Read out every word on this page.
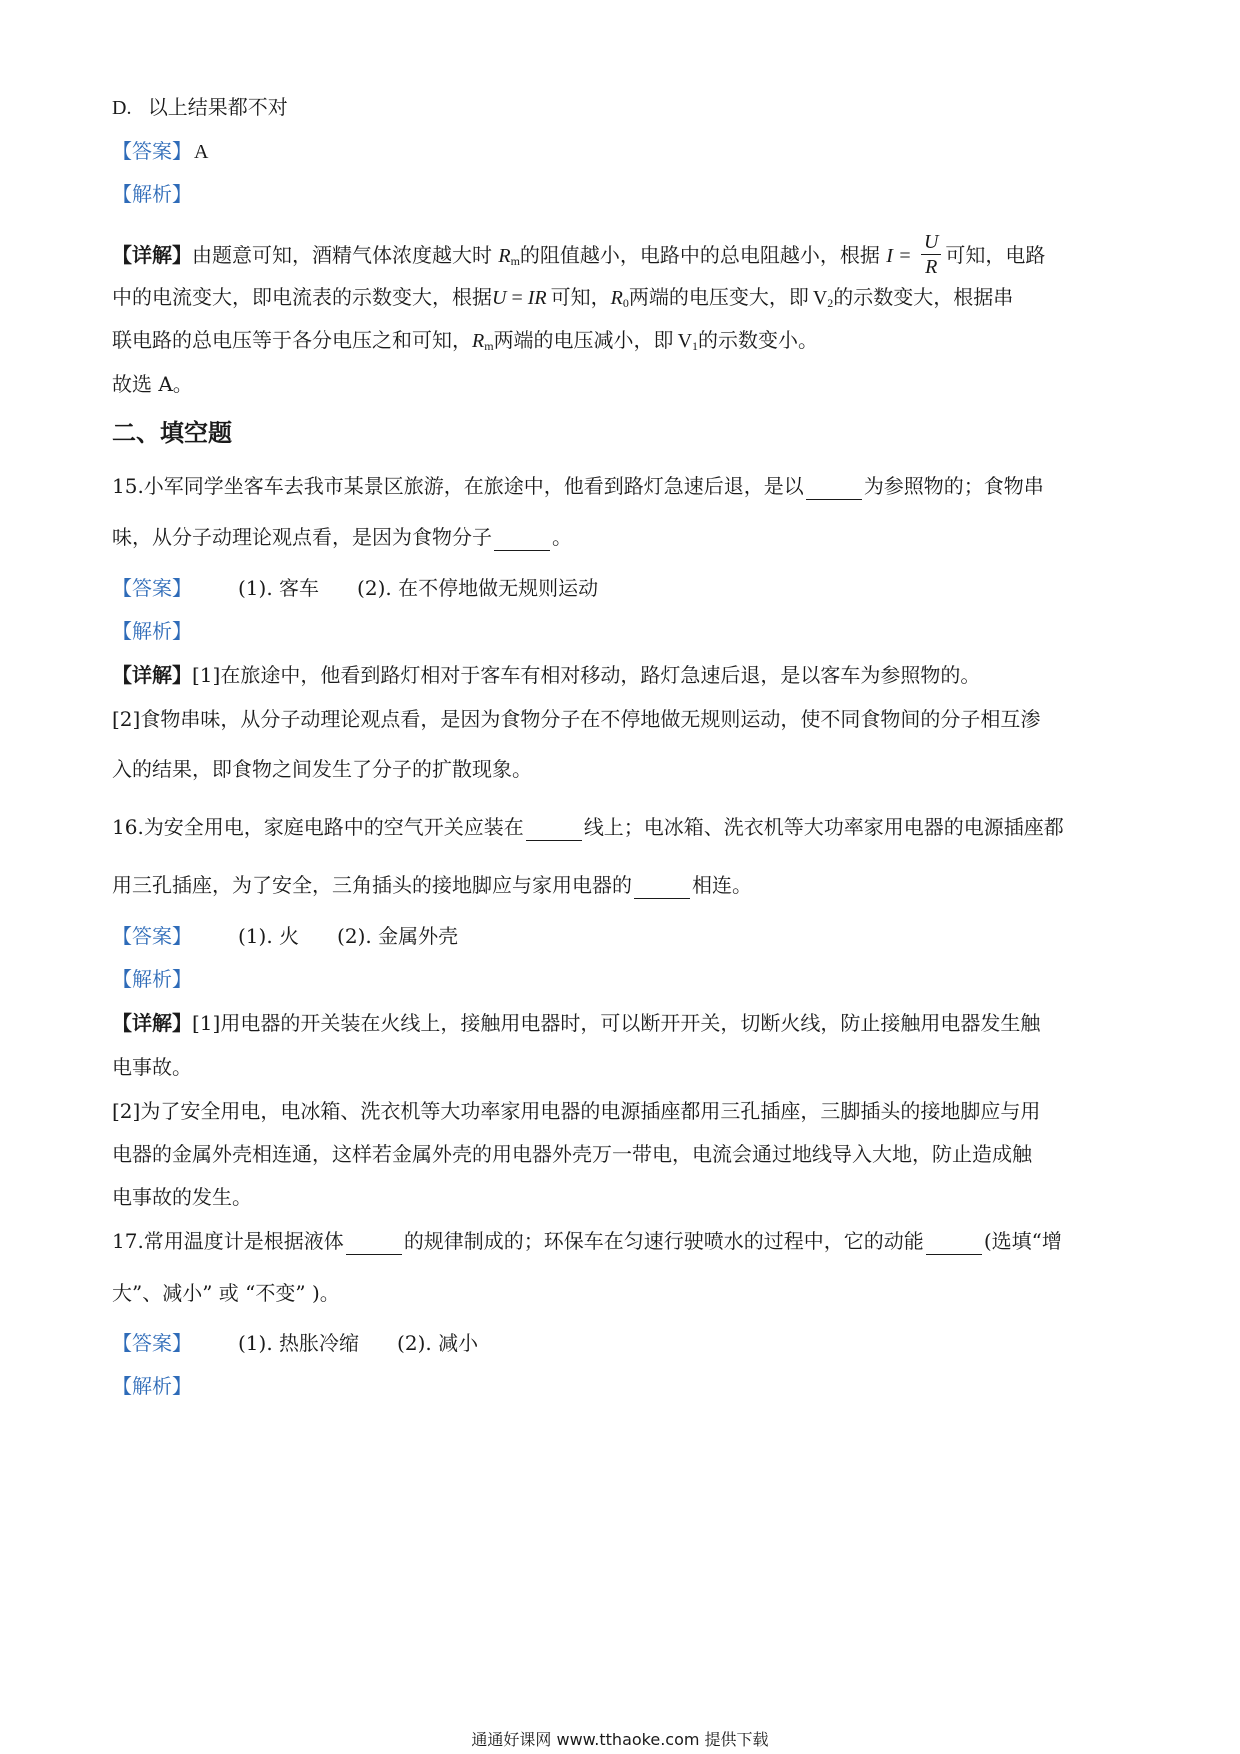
D. 以上结果都不对
【答案】 A
【解析】
【详解】由题意可知，酒精气体浓度越大时 $R_m$的阻值越小，电路中的总电阻越小，根据 $I = \frac{U}{R}$ 可知，电路
中的电流变大，即电流表的示数变大，根据U = IR 可知，$R_0$两端的电压变大，即 $V_2$的示数变大，根据串
联电路的总电压等于各分电压之和可知，$R_m$两端的电压减小，即 $V_1$的示数变小。
故选 A。
二、填空题
15.小军同学坐客车去我市某景区旅游，在旅途中，他看到路灯急速后退，是以	为参照物的；食物串
味，从分子动理论观点看，是因为食物分子	。
【答案】 (1). 客车 (2). 在不停地做无规则运动
【解析】
【详解】[1]在旅途中，他看到路灯相对于客车有相对移动，路灯急速后退，是以客车为参照物的。
[2]食物串味，从分子动理论观点看，是因为食物分子在不停地做无规则运动，使不同食物间的分子相互渗
入的结果，即食物之间发生了分子的扩散现象。
16.为安全用电，家庭电路中的空气开关应装在	线上；电冰箱、洗衣机等大功率家用电器的电源插座都
用三孔插座，为了安全，三角插头的接地脚应与家用电器的	相连。
【答案】 (1). 火 (2). 金属外壳
【解析】
【详解】[1]用电器的开关装在火线上，接触用电器时，可以断开开关，切断火线，防止接触用电器发生触
电事故。
[2]为了安全用电，电冰箱、洗衣机等大功率家用电器的电源插座都用三孔插座，三脚插头的接地脚应与用
电器的金属外壳相连通，这样若金属外壳的用电器外壳万一带电，电流会通过地线导入大地，防止造成触
电事故的发生。
17.常用温度计是根据液体	的规律制成的；环保车在匀速行驶喷水的过程中，它的动能	(选填“增
大”、减小” 或 “不变” )。
【答案】 (1). 热胀冷缩 (2). 减小
【解析】
通通好课网 www.tthaoke.com 提供下载
